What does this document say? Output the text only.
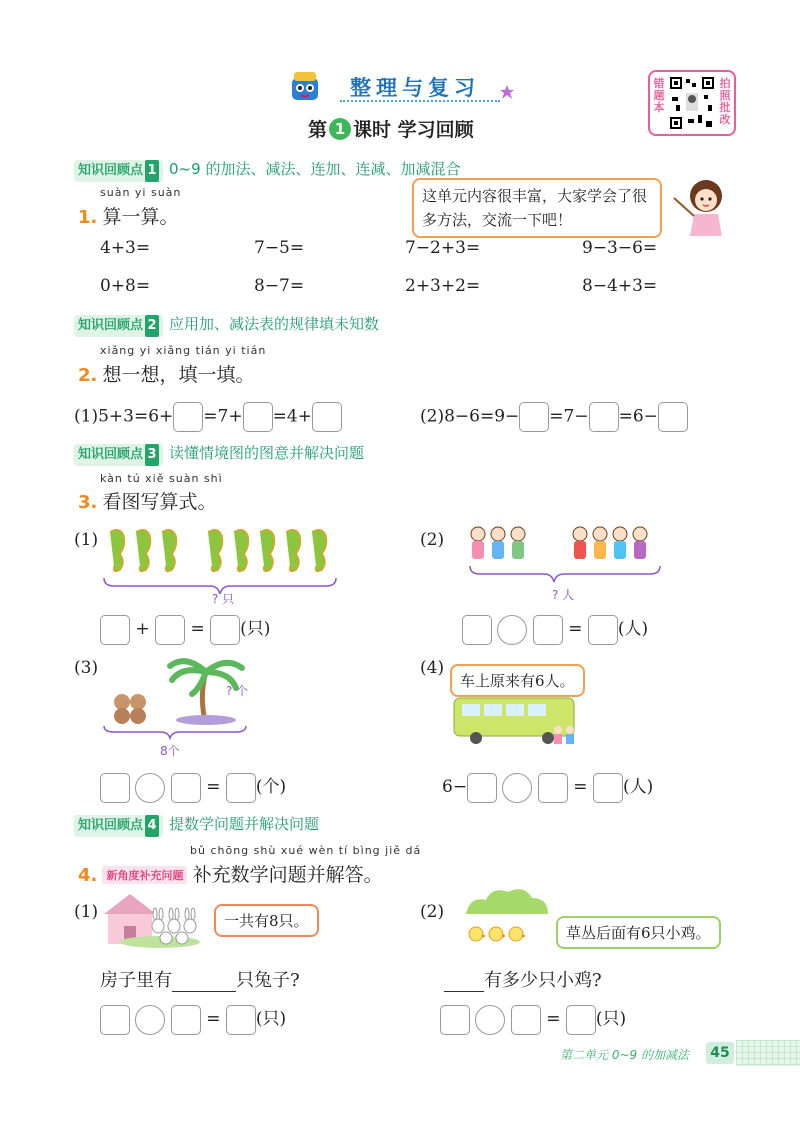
整理与复习
第 1 课时 学习回顾
错题本
拍照批改
知识回顾点 1 0~9 的加法、减法、连加、连减、加减混合
suàn yi suàn
1. 算一算。
这单元内容很丰富，大家学会了很多方法，交流一下吧！
4+3=	7−5=	7−2+3=	9−3−6=
0+8=	8−7=	2+3+2=	8−4+3=
知识回顾点 2 应用加、减法表的规律填未知数
xiǎng yi xiǎng tián yi tián
2. 想一想，填一填。
(1)5+3=6+ =7+ =4+	(2)8−6=9− =7− =6−
知识回顾点 3 读懂情境图的图意并解决问题
kàn tú xiě suàn shì
3. 看图写算式。
(1)
? 只
+ = (只)
(2)
? 人
= (人)
(3)
? 个
8个
= (个)
(4)
车上原来有6人。
6−	= (人)
知识回顾点 4 提数学问题并解决问题
bǔ chōng shù xué wèn tí bìng jiě dá
4. 新角度补充问题 补充数学问题并解答。
(1)	一共有8只。
房子里有	只兔子?
= (只)
(2)
草丛后面有6只小鸡。
有多少只小鸡?
= (只)
第二单元 0~9 的加减法	45
